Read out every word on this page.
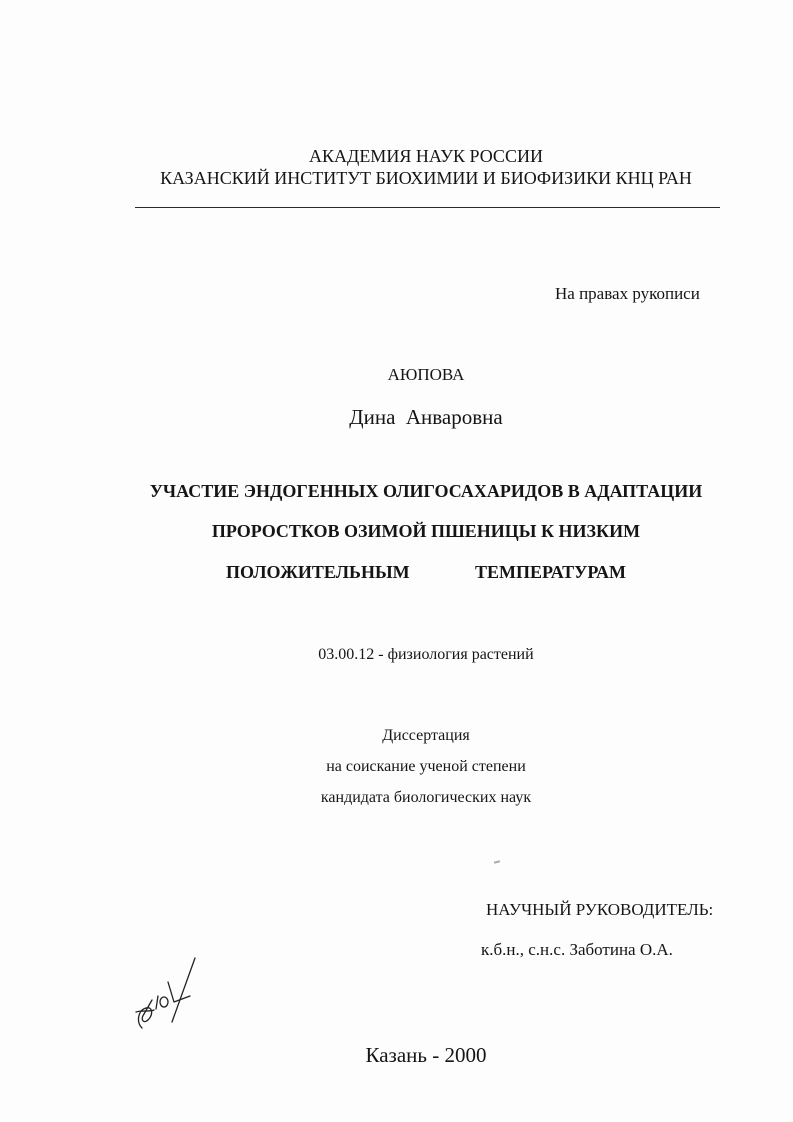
АКАДЕМИЯ НАУК РОССИИ
КАЗАНСКИЙ ИНСТИТУТ БИОХИМИИ И БИОФИЗИКИ КНЦ РАН
На правах рукописи
АЮПОВА
Дина  Анваровна
УЧАСТИЕ ЭНДОГЕННЫХ ОЛИГОСАХАРИДОВ В АДАПТАЦИИ
ПРОРОСТКОВ ОЗИМОЙ ПШЕНИЦЫ К НИЗКИМ
ПОЛОЖИТЕЛЬНЫМ	ТЕМПЕРАТУРАМ
03.00.12 - физиология растений
Диссертация
на соискание ученой степени
кандидата биологических наук
НАУЧНЫЙ РУКОВОДИТЕЛЬ:
к.б.н., с.н.с. Заботина О.А.
Казань - 2000
